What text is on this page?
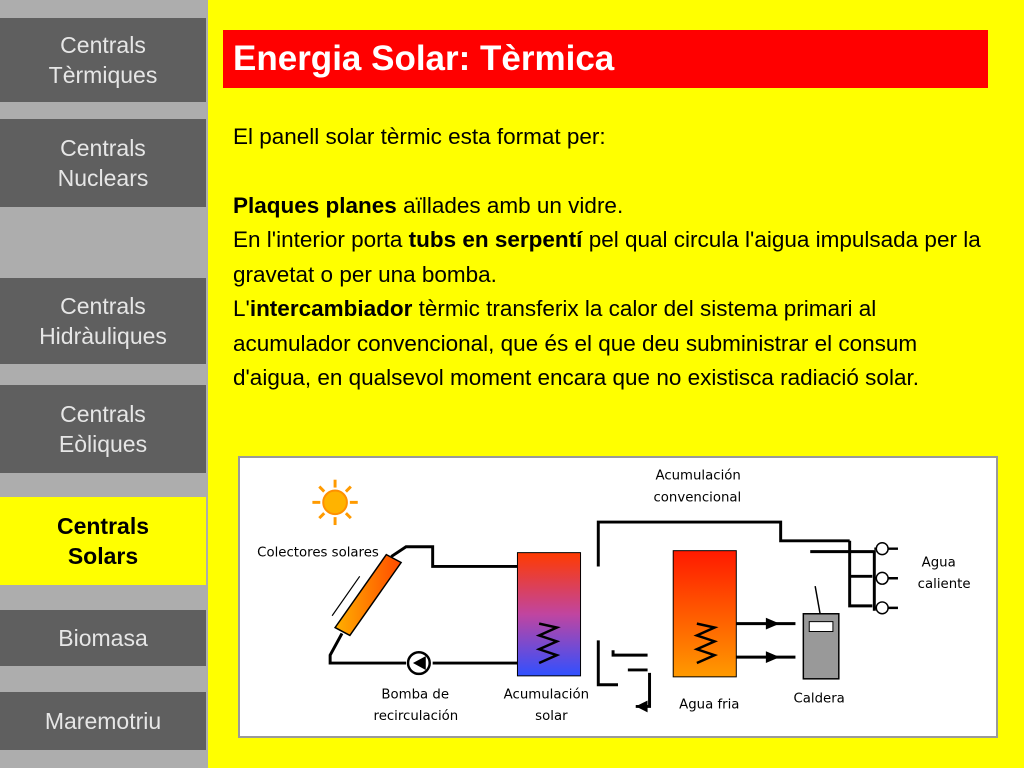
Centrals
Tèrmiques
Centrals
Nuclears
Centrals
Hidràuliques
Centrals
Eòliques
Centrals
Solars
Biomasa
Maremotriu
Energia Solar: Tèrmica

El panell solar tèrmic esta format per:

Plaques planes aïllades amb un vidre.

En l'interior porta tubs en serpentí pel qual circula l'aigua impulsada per la gravetat o per una bomba.

L'intercambiador tèrmic transferix la calor del sistema primari al acumulador convencional, que és el que deu subministrar el consum d'aigua, en qualsevol moment encara que no existisca radiació solar.

Colectores solares
Bomba de
recirculación
Acumulación
solar
Acumulación
convencional
Agua fria	Caldera
Agua
caliente
